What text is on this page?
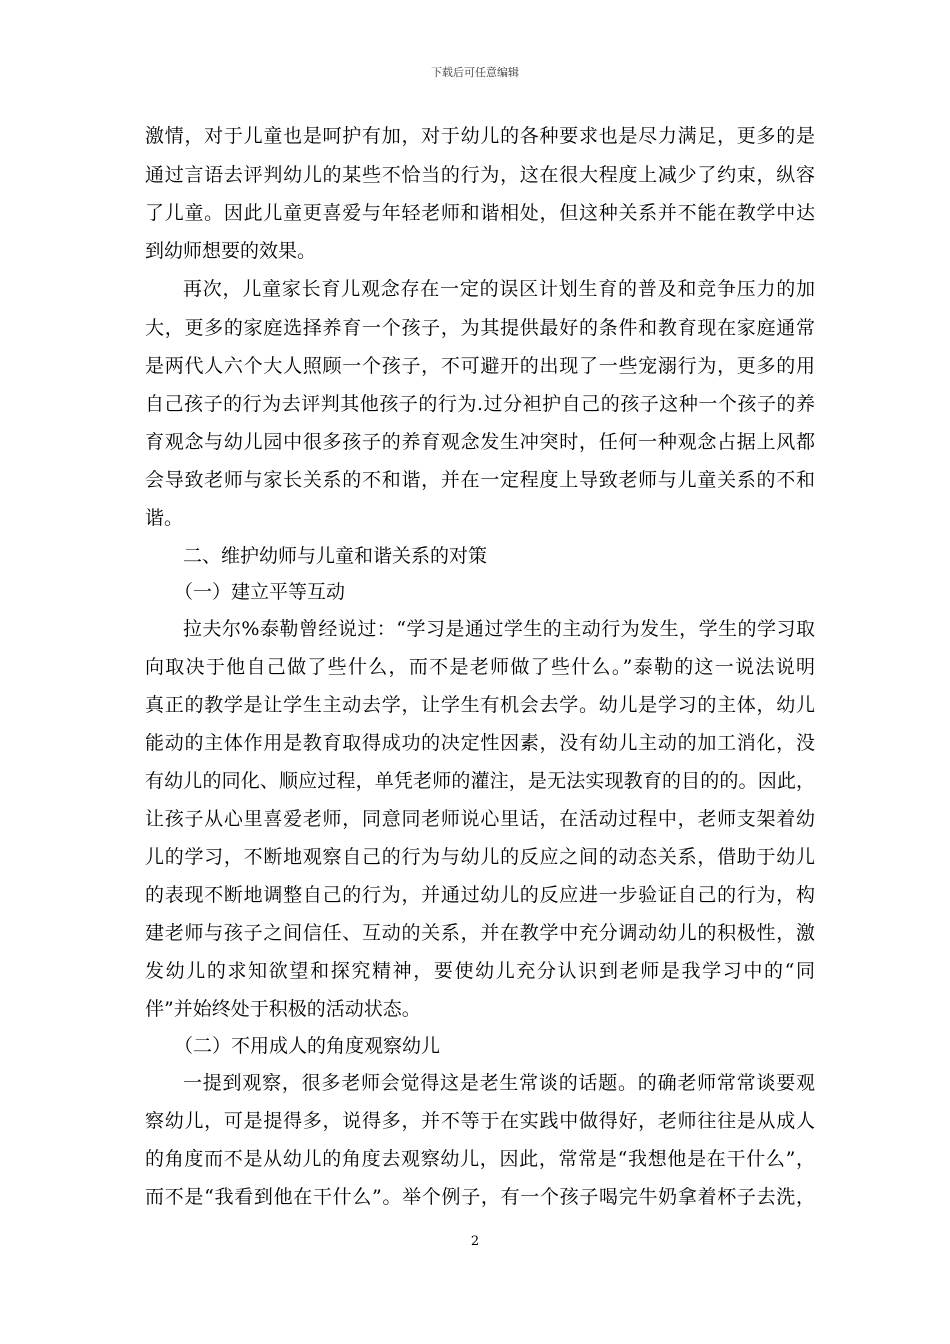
下载后可任意编辑
激情，对于儿童也是呵护有加，对于幼儿的各种要求也是尽力满足，更多的是
通过言语去评判幼儿的某些不恰当的行为，这在很大程度上减少了约束，纵容
了儿童。因此儿童更喜爱与年轻老师和谐相处，但这种关系并不能在教学中达
到幼师想要的效果。
再次，儿童家长育儿观念存在一定的误区计划生育的普及和竞争压力的加
大，更多的家庭选择养育一个孩子，为其提供最好的条件和教育现在家庭通常
是两代人六个大人照顾一个孩子，不可避开的出现了一些宠溺行为，更多的用
自己孩子的行为去评判其他孩子的行为.过分袒护自己的孩子这种一个孩子的养
育观念与幼儿园中很多孩子的养育观念发生冲突时，任何一种观念占据上风都
会导致老师与家长关系的不和谐，并在一定程度上导致老师与儿童关系的不和
谐。
二、维护幼师与儿童和谐关系的对策
（一）建立平等互动
拉夫尔%泰勒曾经说过：“学习是通过学生的主动行为发生，学生的学习取
向取决于他自己做了些什么，而不是老师做了些什么。”泰勒的这一说法说明
真正的教学是让学生主动去学，让学生有机会去学。幼儿是学习的主体，幼儿
能动的主体作用是教育取得成功的决定性因素，没有幼儿主动的加工消化，没
有幼儿的同化、顺应过程，单凭老师的灌注，是无法实现教育的目的的。因此，
让孩子从心里喜爱老师，同意同老师说心里话，在活动过程中，老师支架着幼
儿的学习，不断地观察自己的行为与幼儿的反应之间的动态关系，借助于幼儿
的表现不断地调整自己的行为，并通过幼儿的反应进一步验证自己的行为，构
建老师与孩子之间信任、互动的关系，并在教学中充分调动幼儿的积极性，激
发幼儿的求知欲望和探究精神，要使幼儿充分认识到老师是我学习中的“同
伴”并始终处于积极的活动状态。
（二）不用成人的角度观察幼儿
一提到观察，很多老师会觉得这是老生常谈的话题。的确老师常常谈要观
察幼儿，可是提得多，说得多，并不等于在实践中做得好，老师往往是从成人
的角度而不是从幼儿的角度去观察幼儿，因此，常常是“我想他是在干什么”，
而不是“我看到他在干什么”。举个例子，有一个孩子喝完牛奶拿着杯子去洗，
2
